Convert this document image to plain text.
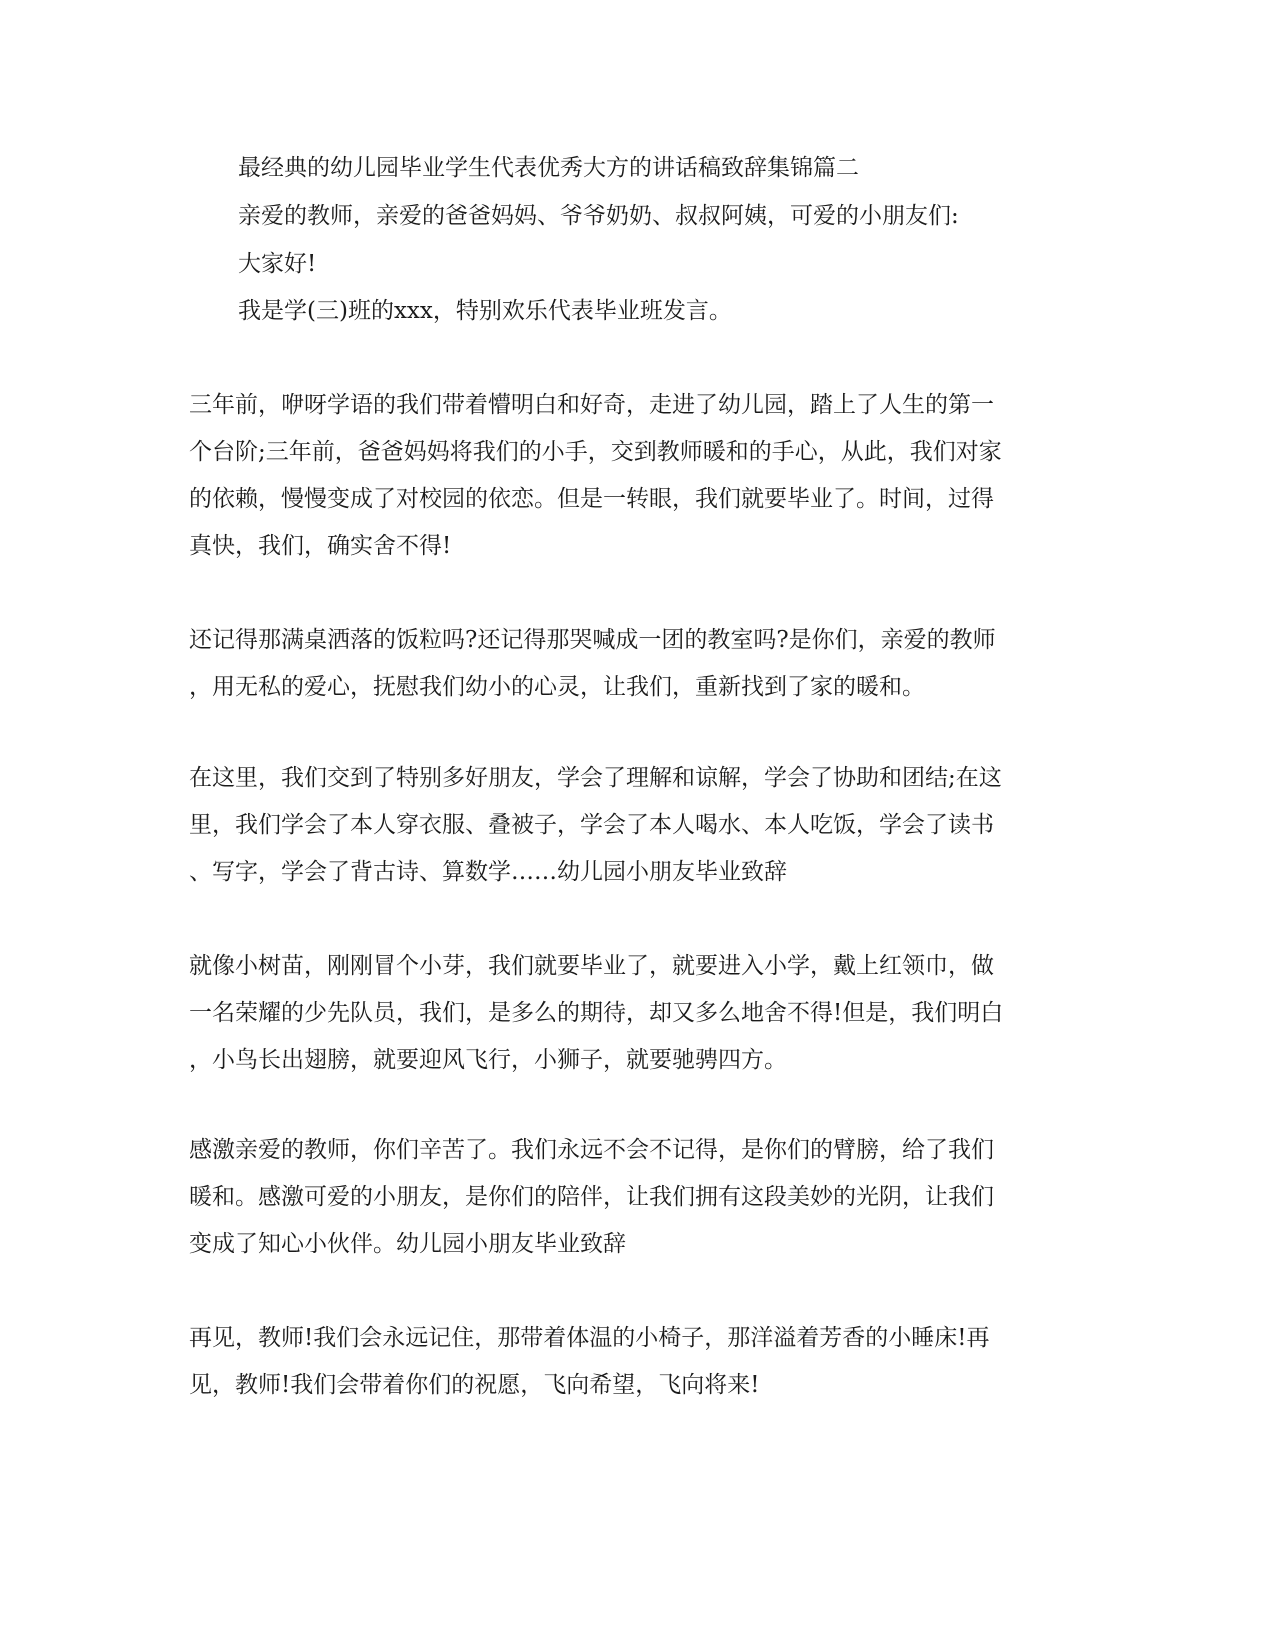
最经典的幼儿园毕业学生代表优秀大方的讲话稿致辞集锦篇二

亲爱的教师，亲爱的爸爸妈妈、爷爷奶奶、叔叔阿姨，可爱的小朋友们:

大家好!

我是学(三)班的xxx，特别欢乐代表毕业班发言。

三年前，咿呀学语的我们带着懵明白和好奇，走进了幼儿园，踏上了人生的第一

个台阶;三年前，爸爸妈妈将我们的小手，交到教师暖和的手心，从此，我们对家

的依赖，慢慢变成了对校园的依恋。但是一转眼，我们就要毕业了。时间，过得

真快，我们，确实舍不得!

还记得那满桌洒落的饭粒吗?还记得那哭喊成一团的教室吗?是你们，亲爱的教师

，用无私的爱心，抚慰我们幼小的心灵，让我们，重新找到了家的暖和。

在这里，我们交到了特别多好朋友，学会了理解和谅解，学会了协助和团结;在这

里，我们学会了本人穿衣服、叠被子，学会了本人喝水、本人吃饭，学会了读书

、写字，学会了背古诗、算数学……幼儿园小朋友毕业致辞

就像小树苗，刚刚冒个小芽，我们就要毕业了，就要进入小学，戴上红领巾，做

一名荣耀的少先队员，我们，是多么的期待，却又多么地舍不得!但是，我们明白

，小鸟长出翅膀，就要迎风飞行，小狮子，就要驰骋四方。

感激亲爱的教师，你们辛苦了。我们永远不会不记得，是你们的臂膀，给了我们

暖和。感激可爱的小朋友，是你们的陪伴，让我们拥有这段美妙的光阴，让我们

变成了知心小伙伴。幼儿园小朋友毕业致辞

再见，教师!我们会永远记住，那带着体温的小椅子，那洋溢着芳香的小睡床!再

见，教师!我们会带着你们的祝愿，飞向希望，飞向将来!
